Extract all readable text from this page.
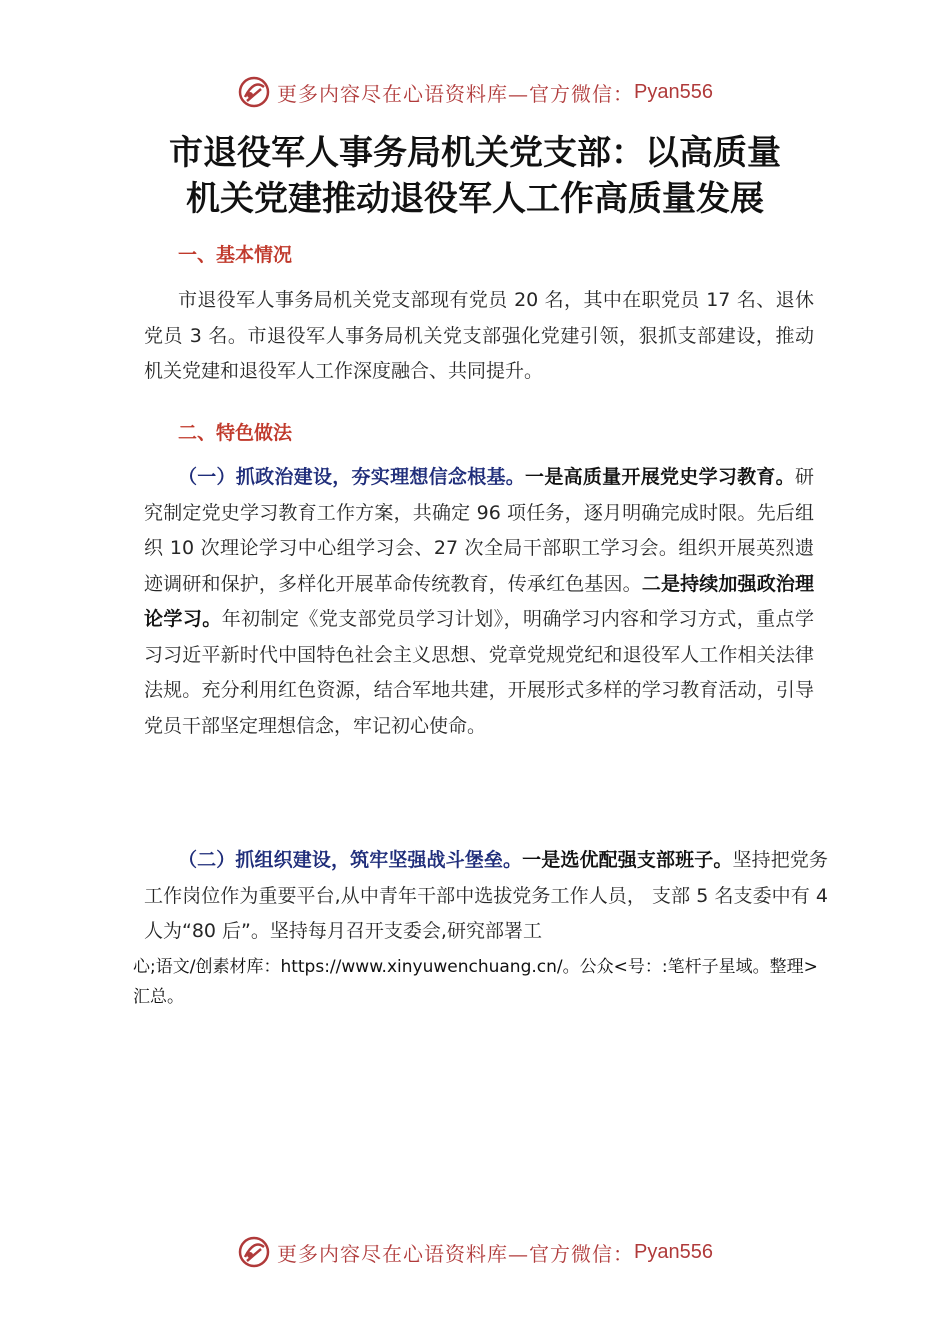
更多内容尽在心语资料库—官方微信： Pyan556
市退役军人事务局机关党支部：以高质量
机关党建推动退役军人工作高质量发展

一、基本情况

市退役军人事务局机关党支部现有党员 20 名，其中在职党员 17 名、退休党员 3 名。市退役军人事务局机关党支部强化党建引领，狠抓支部建设，推动机关党建和退役军人工作深度融合、共同提升。

二、特色做法

（一）抓政治建设，夯实理想信念根基。一是高质量开展党史学习教育。研究制定党史学习教育工作方案，共确定 96 项任务，逐月明确完成时限。先后组织 10 次理论学习中心组学习会、27 次全局干部职工学习会。组织开展英烈遗迹调研和保护，多样化开展革命传统教育，传承红色基因。二是持续加强政治理论学习。年初制定《党支部党员学习计划》，明确学习内容和学习方式，重点学习习近平新时代中国特色社会主义思想、党章党规党纪和退役军人工作相关法律法规。充分利用红色资源，结合军地共建，开展形式多样的学习教育活动，引导党员干部坚定理想信念，牢记初心使命。

（二）抓组织建设，筑牢坚强战斗堡垒。一是选优配强支部班子。坚持把党务工作岗位作为重要平台,从中青年干部中选拔党务工作人员， 支部 5 名支委中有 4 人为“80 后”。坚持每月召开支委会,研究部署工

心;语文/创素材库：https://www.xinyuwenchuang.cn/。公众<号：:笔杆子星域。整理>汇总。

更多内容尽在心语资料库—官方微信： Pyan556
